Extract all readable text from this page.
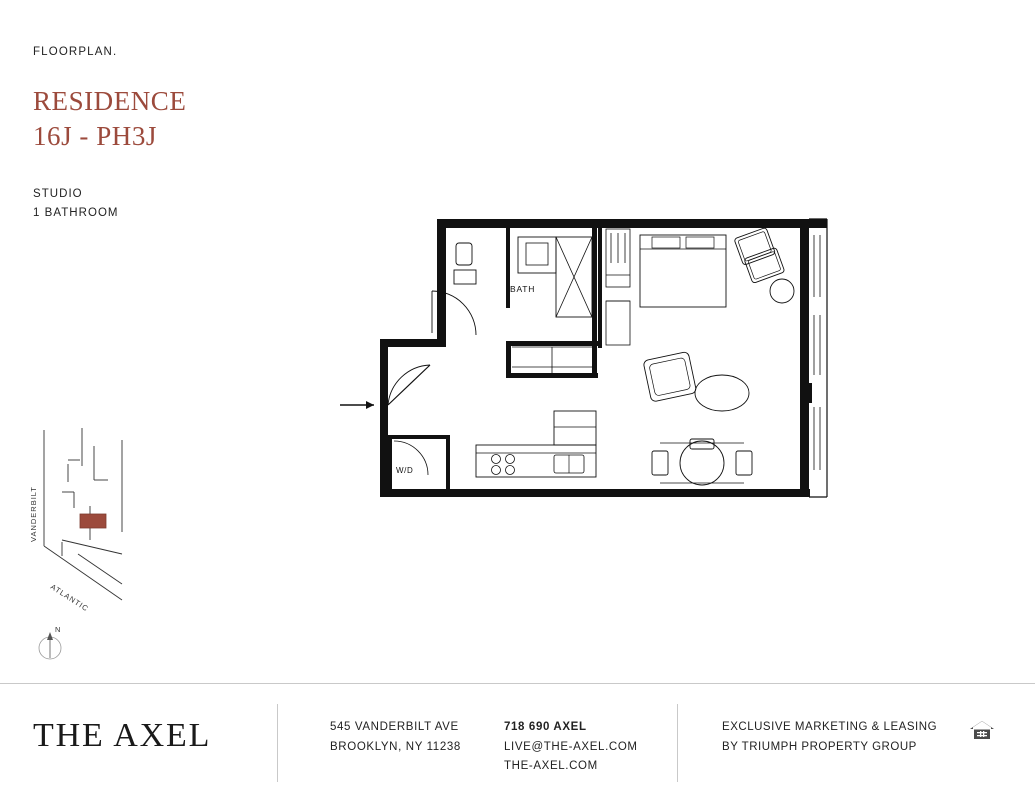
FLOORPLAN.
RESIDENCE
16J - PH3J
STUDIO
1 BATHROOM
BATH
W/D
VANDERBILT
ATLANTIC
N
THE AXEL	545 VANDERBILT AVE
BROOKLYN, NY 11238
718 690 AXEL
LIVE@THE-AXEL.COM
THE-AXEL.COM
EXCLUSIVE MARKETING & LEASING
BY TRIUMPH PROPERTY GROUP
